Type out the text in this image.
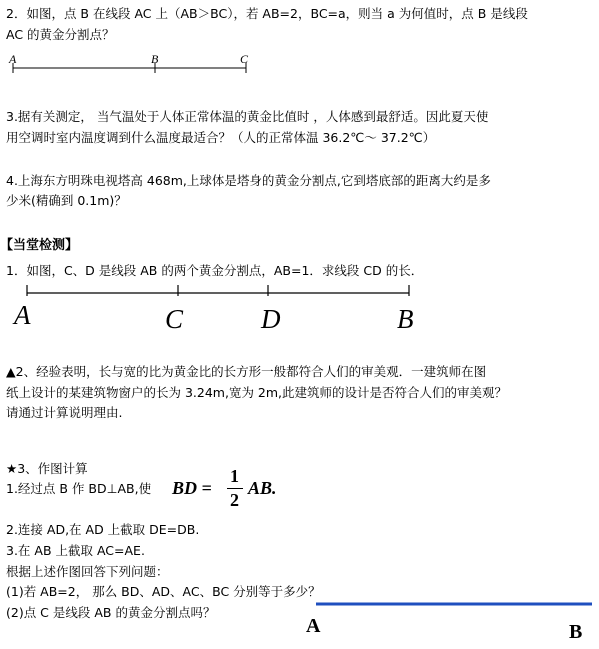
2．如图，点 B 在线段 AC 上（AB＞BC），若 AB=2，BC=a，则当 a 为何值时，点 B 是线段
AC 的黄金分割点？
A	B	C
3.据有关测定， 当气温处于人体正常体温的黄金比值时 ，人体感到最舒适。因此夏天使
用空调时室内温度调到什么温度最适合？（人的正常体温 36.2℃～ 37.2℃）
4.上海东方明珠电视塔高 468m,上球体是塔身的黄金分割点,它到塔底部的距离大约是多
少米(精确到 0.1m)？
【当堂检测】
1．如图，C、D 是线段 AB 的两个黄金分割点，AB=1．求线段 CD 的长．
A	C	D	B
▲2、经验表明，长与宽的比为黄金比的长方形一般都符合人们的审美观．一建筑师在图
纸上设计的某建筑物窗户的长为 3.24m,宽为 2m,此建筑师的设计是否符合人们的审美观？
请通过计算说明理由.
★3、作图计算
1.经过点 B 作 BD⊥AB,使 BD =
1
2
AB.
2.连接 AD,在 AD 上截取 DE=DB.
3.在 AB 上截取 AC=AE.
根据上述作图回答下列问题：
(1)若 AB=2， 那么 BD、AD、AC、BC 分别等于多少？
(2)点 C 是线段 AB 的黄金分割点吗？
A	B
